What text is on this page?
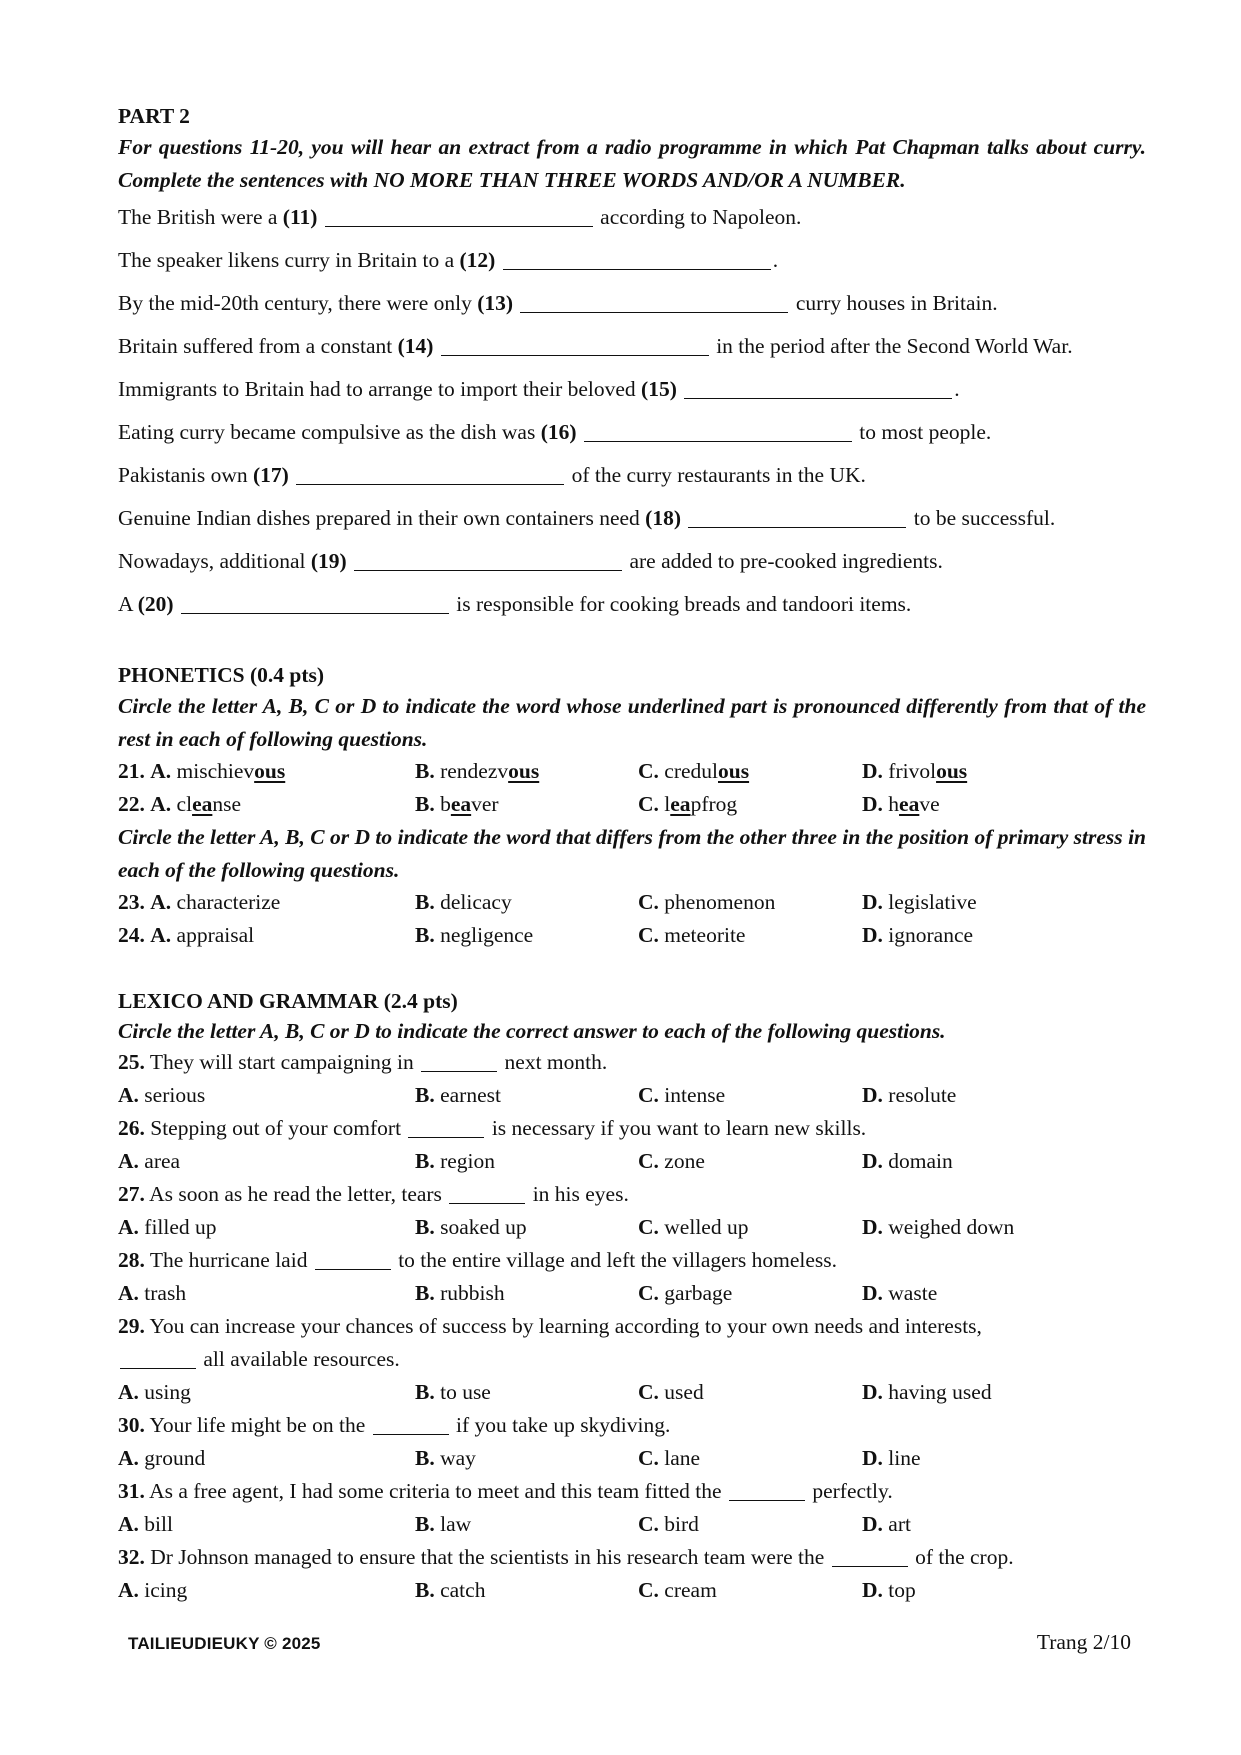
PART 2
For questions 11-20, you will hear an extract from a radio programme in which Pat Chapman talks about curry. Complete the sentences with NO MORE THAN THREE WORDS AND/OR A NUMBER.
The British were a (11)	according to Napoleon.
The speaker likens curry in Britain to a (12)	.
By the mid-20th century, there were only (13)	curry houses in Britain.
Britain suffered from a constant (14)	in the period after the Second World War.
Immigrants to Britain had to arrange to import their beloved (15)	.
Eating curry became compulsive as the dish was (16)	to most people.
Pakistanis own (17)	of the curry restaurants in the UK.
Genuine Indian dishes prepared in their own containers need (18)	to be successful.
Nowadays, additional (19)	are added to pre-cooked ingredients.
A (20)	is responsible for cooking breads and tandoori items.
PHONETICS (0.4 pts)
Circle the letter A, B, C or D to indicate the word whose underlined part is pronounced differently from that of the rest in each of following questions.
21. A. mischievous	B. rendezvous	C. credulous	D. frivolous
22. A. cleanse	B. beaver	C. leapfrog	D. heave
Circle the letter A, B, C or D to indicate the word that differs from the other three in the position of primary stress in each of the following questions.
23. A. characterize	B. delicacy	C. phenomenon	D. legislative
24. A. appraisal	B. negligence	C. meteorite	D. ignorance
LEXICO AND GRAMMAR (2.4 pts)
Circle the letter A, B, C or D to indicate the correct answer to each of the following questions.
25. They will start campaigning in	next month.
A. serious	B. earnest	C. intense	D. resolute
26. Stepping out of your comfort	is necessary if you want to learn new skills.
A. area	B. region	C. zone	D. domain
27. As soon as he read the letter, tears	in his eyes.
A. filled up	B. soaked up	C. welled up	D. weighed down
28. The hurricane laid	to the entire village and left the villagers homeless.
A. trash	B. rubbish	C. garbage	D. waste
29. You can increase your chances of success by learning according to your own needs and interests,
all available resources.
A. using	B. to use	C. used	D. having used
30. Your life might be on the	if you take up skydiving.
A. ground	B. way	C. lane	D. line
31. As a free agent, I had some criteria to meet and this team fitted the	perfectly.
A. bill	B. law	C. bird	D. art
32. Dr Johnson managed to ensure that the scientists in his research team were the	of the crop.
A. icing	B. catch	C. cream	D. top
TAILIEUDIEUKY © 2025	Trang 2/10
